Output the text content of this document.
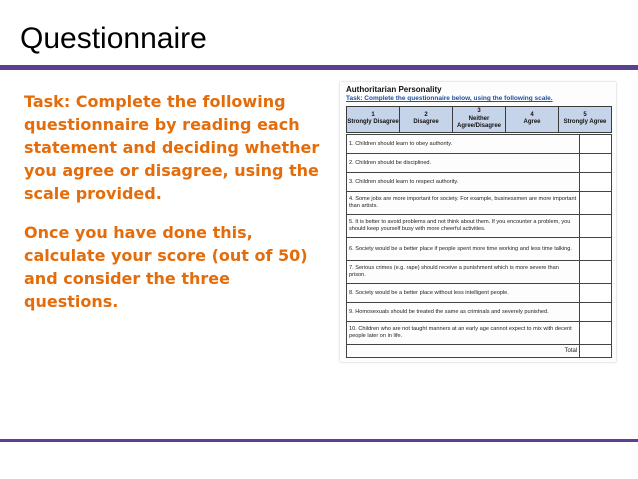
Questionnaire

Task: Complete the following questionnaire by reading each statement and deciding whether you agree or disagree, using the scale provided.

Once you have done this, calculate your score (out of 50) and consider the three questions.

Authoritarian Personality
Task: Complete the questionnaire below, using the following scale.
1
Strongly Disagree

2
Disagree

3
Neither Agree/Disagree

4
Agree

5
Strongly Agree
1. Children should learn to obey authority.	
2. Children should be disciplined.	
3. Children should learn to respect authority.	
4. Some jobs are more important for society. For example, businessmen are more important than artists.	
5. It is better to avoid problems and not think about them. If you encounter a problem, you should keep yourself busy with more cheerful activities.	
6. Society would be a better place if people spent more time working and less time talking.	
7. Serious crimes (e.g. rape) should receive a punishment which is more severe than prison.	
8. Society would be a better place without less intelligent people.	
9. Homosexuals should be treated the same as criminals and severely punished.	
10. Children who are not taught manners at an early age cannot expect to mix with decent people later on in life.	
Total	
